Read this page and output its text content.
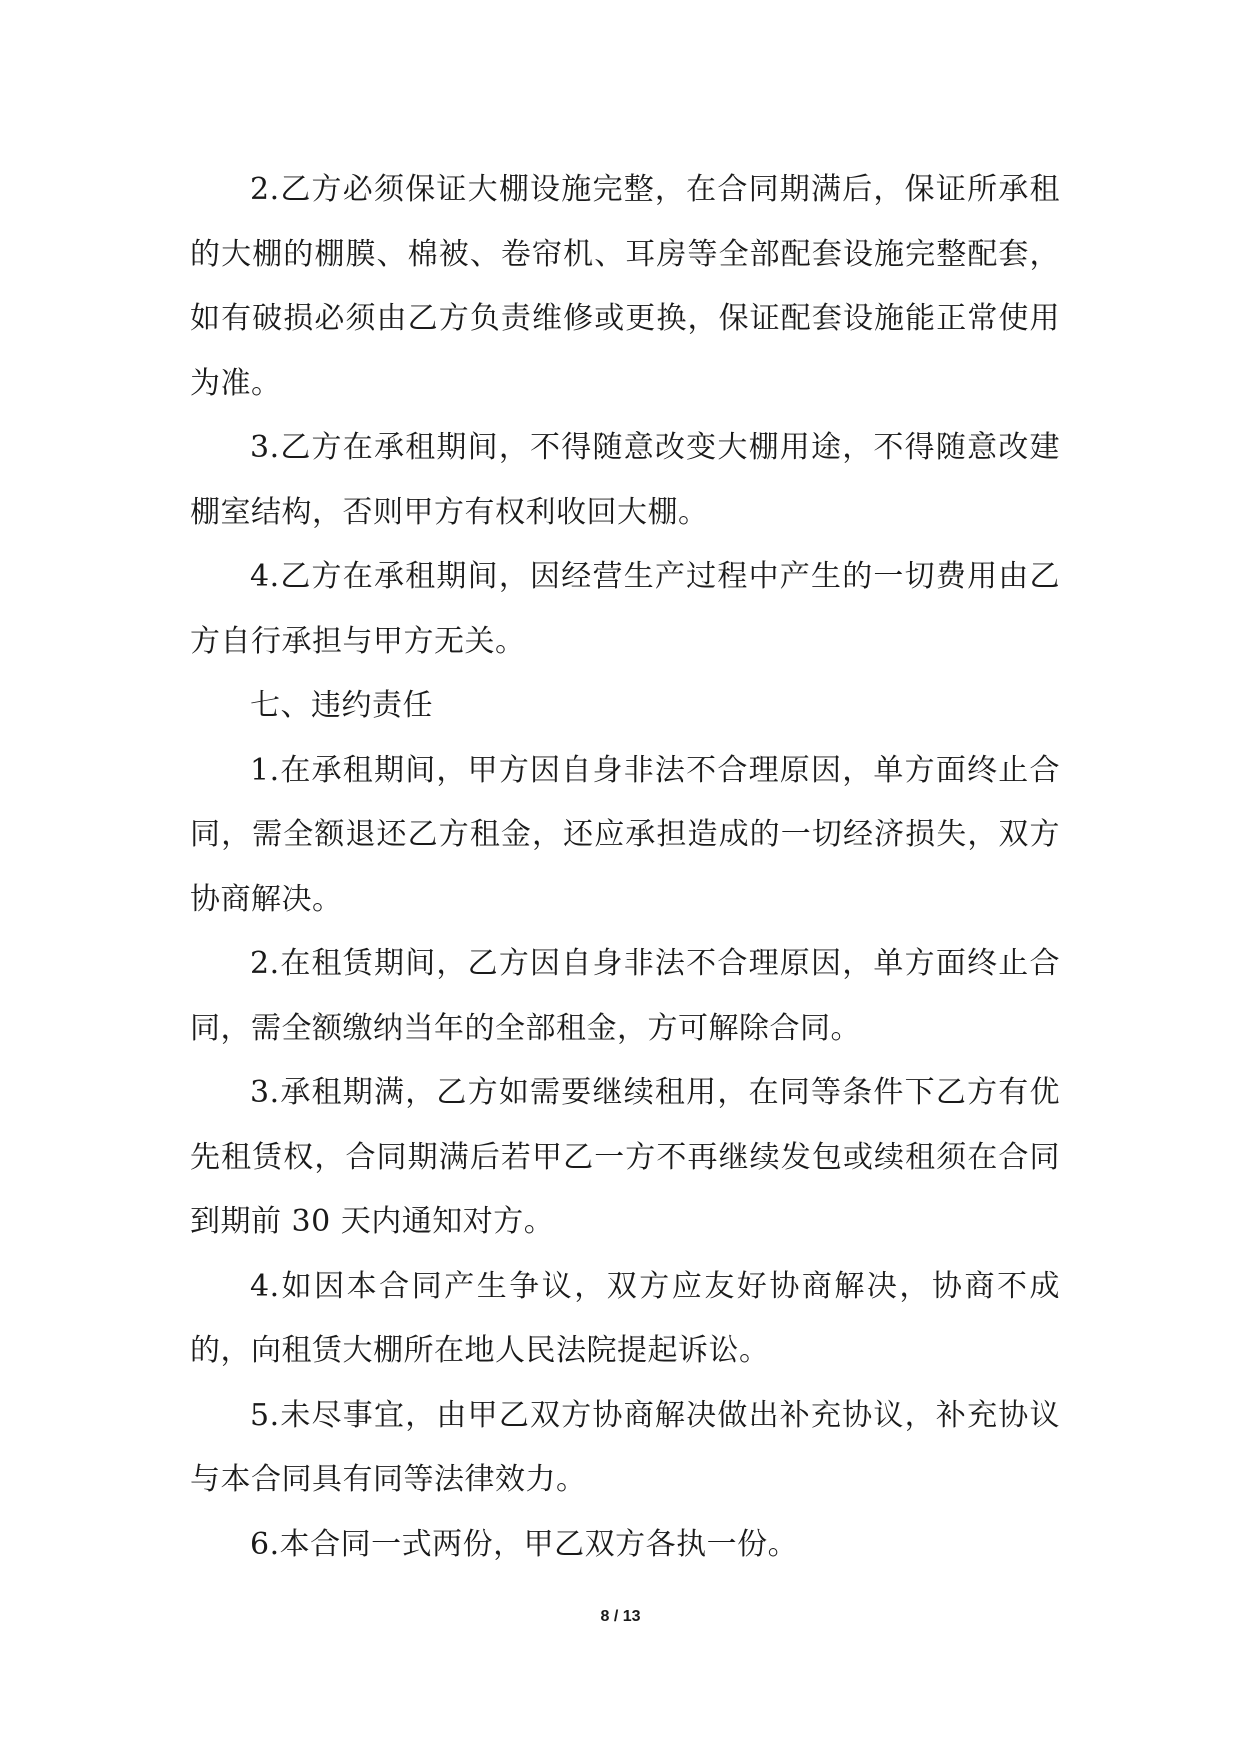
2.乙方必须保证大棚设施完整，在合同期满后，保证所承租的大棚的棚膜、棉被、卷帘机、耳房等全部配套设施完整配套，如有破损必须由乙方负责维修或更换，保证配套设施能正常使用为准。

3.乙方在承租期间，不得随意改变大棚用途，不得随意改建棚室结构，否则甲方有权利收回大棚。

4.乙方在承租期间，因经营生产过程中产生的一切费用由乙方自行承担与甲方无关。

七、违约责任

1.在承租期间，甲方因自身非法不合理原因，单方面终止合同，需全额退还乙方租金，还应承担造成的一切经济损失，双方协商解决。

2.在租赁期间，乙方因自身非法不合理原因，单方面终止合同，需全额缴纳当年的全部租金，方可解除合同。

3.承租期满，乙方如需要继续租用，在同等条件下乙方有优先租赁权，合同期满后若甲乙一方不再继续发包或续租须在合同到期前 30 天内通知对方。

4.如因本合同产生争议，双方应友好协商解决，协商不成的，向租赁大棚所在地人民法院提起诉讼。

5.未尽事宜，由甲乙双方协商解决做出补充协议，补充协议与本合同具有同等法律效力。

6.本合同一式两份，甲乙双方各执一份。

8 / 13
